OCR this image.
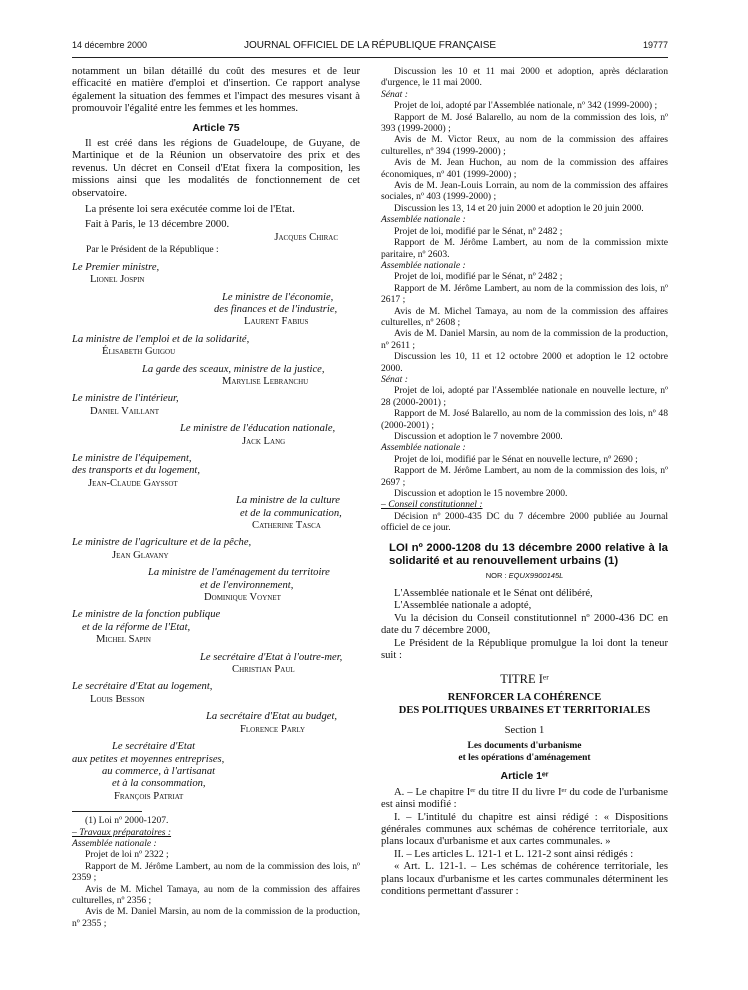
14 décembre 2000	JOURNAL OFFICIEL DE LA RÉPUBLIQUE FRANÇAISE	19777

notamment un bilan détaillé du coût des mesures et de leur efficacité en matière d'emploi et d'insertion. Ce rapport analyse également la situation des femmes et l'impact des mesures visant à promouvoir l'égalité entre les femmes et les hommes.

Article 75

Il est créé dans les régions de Guadeloupe, de Guyane, de Martinique et de la Réunion un observatoire des prix et des revenus. Un décret en Conseil d'Etat fixera la composition, les missions ainsi que les modalités de fonctionnement de cet observatoire.

La présente loi sera exécutée comme loi de l'Etat.

Fait à Paris, le 13 décembre 2000.

Jacques Chirac

Par le Président de la République :

Le Premier ministre,

Lionel Jospin

Le ministre de l'économie,

des finances et de l'industrie,

Laurent Fabius

La ministre de l'emploi et de la solidarité,

Élisabeth Guigou

La garde des sceaux, ministre de la justice,

Marylise Lebranchu

Le ministre de l'intérieur,

Daniel Vaillant

Le ministre de l'éducation nationale,

Jack Lang

Le ministre de l'équipement,

des transports et du logement,

Jean-Claude Gayssot

La ministre de la culture

et de la communication,

Catherine Tasca

Le ministre de l'agriculture et de la pêche,

Jean Glavany

La ministre de l'aménagement du territoire

et de l'environnement,

Dominique Voynet

Le ministre de la fonction publique

et de la réforme de l'Etat,

Michel Sapin

Le secrétaire d'Etat à l'outre-mer,

Christian Paul

Le secrétaire d'Etat au logement,

Louis Besson

La secrétaire d'Etat au budget,

Florence Parly

Le secrétaire d'Etat

aux petites et moyennes entreprises,

au commerce, à l'artisanat

et à la consommation,

François Patriat

(1) Loi nº 2000-1207.

– Travaux préparatoires :

Assemblée nationale :

Projet de loi nº 2322 ;

Rapport de M. Jérôme Lambert, au nom de la commission des lois, nº 2359 ;

Avis de M. Michel Tamaya, au nom de la commission des affaires culturelles, nº 2356 ;

Avis de M. Daniel Marsin, au nom de la commission de la production, nº 2355 ;

Discussion les 10 et 11 mai 2000 et adoption, après déclaration d'urgence, le 11 mai 2000.

Sénat :

Projet de loi, adopté par l'Assemblée nationale, nº 342 (1999-2000) ;

Rapport de M. José Balarello, au nom de la commission des lois, nº 393 (1999-2000) ;

Avis de M. Victor Reux, au nom de la commission des affaires culturelles, nº 394 (1999-2000) ;

Avis de M. Jean Huchon, au nom de la commission des affaires économiques, nº 401 (1999-2000) ;

Avis de M. Jean-Louis Lorrain, au nom de la commission des affaires sociales, nº 403 (1999-2000) ;

Discussion les 13, 14 et 20 juin 2000 et adoption le 20 juin 2000.

Assemblée nationale :

Projet de loi, modifié par le Sénat, nº 2482 ;

Rapport de M. Jérôme Lambert, au nom de la commission mixte paritaire, nº 2603.

Assemblée nationale :

Projet de loi, modifié par le Sénat, nº 2482 ;

Rapport de M. Jérôme Lambert, au nom de la commission des lois, nº 2617 ;

Avis de M. Michel Tamaya, au nom de la commission des affaires culturelles, nº 2608 ;

Avis de M. Daniel Marsin, au nom de la commission de la production, nº 2611 ;

Discussion les 10, 11 et 12 octobre 2000 et adoption le 12 octobre 2000.

Sénat :

Projet de loi, adopté par l'Assemblée nationale en nouvelle lecture, nº 28 (2000-2001) ;

Rapport de M. José Balarello, au nom de la commission des lois, nº 48 (2000-2001) ;

Discussion et adoption le 7 novembre 2000.

Assemblée nationale :

Projet de loi, modifié par le Sénat en nouvelle lecture, nº 2690 ;

Rapport de M. Jérôme Lambert, au nom de la commission des lois, nº 2697 ;

Discussion et adoption le 15 novembre 2000.

– Conseil constitutionnel :

Décision nº 2000-435 DC du 7 décembre 2000 publiée au Journal officiel de ce jour.

LOI nº 2000-1208 du 13 décembre 2000 relative à la solidarité et au renouvellement urbains (1)

NOR : EQUX9900145L

L'Assemblée nationale et le Sénat ont délibéré,

L'Assemblée nationale a adopté,

Vu la décision du Conseil constitutionnel nº 2000-436 DC en date du 7 décembre 2000,

Le Président de la République promulgue la loi dont la teneur suit :

TITRE Iᵉʳ

RENFORCER LA COHÉRENCE

DES POLITIQUES URBAINES ET TERRITORIALES

Section 1

Les documents d'urbanisme

et les opérations d'aménagement

Article 1ᵉʳ

A. – Le chapitre Iᵉʳ du titre II du livre Iᵉʳ du code de l'urbanisme est ainsi modifié :

I. – L'intitulé du chapitre est ainsi rédigé : « Dispositions générales communes aux schémas de cohérence territoriale, aux plans locaux d'urbanisme et aux cartes communales. »

II. – Les articles L. 121-1 et L. 121-2 sont ainsi rédigés :

« Art. L. 121-1. – Les schémas de cohérence territoriale, les plans locaux d'urbanisme et les cartes communales déterminent les conditions permettant d'assurer :
